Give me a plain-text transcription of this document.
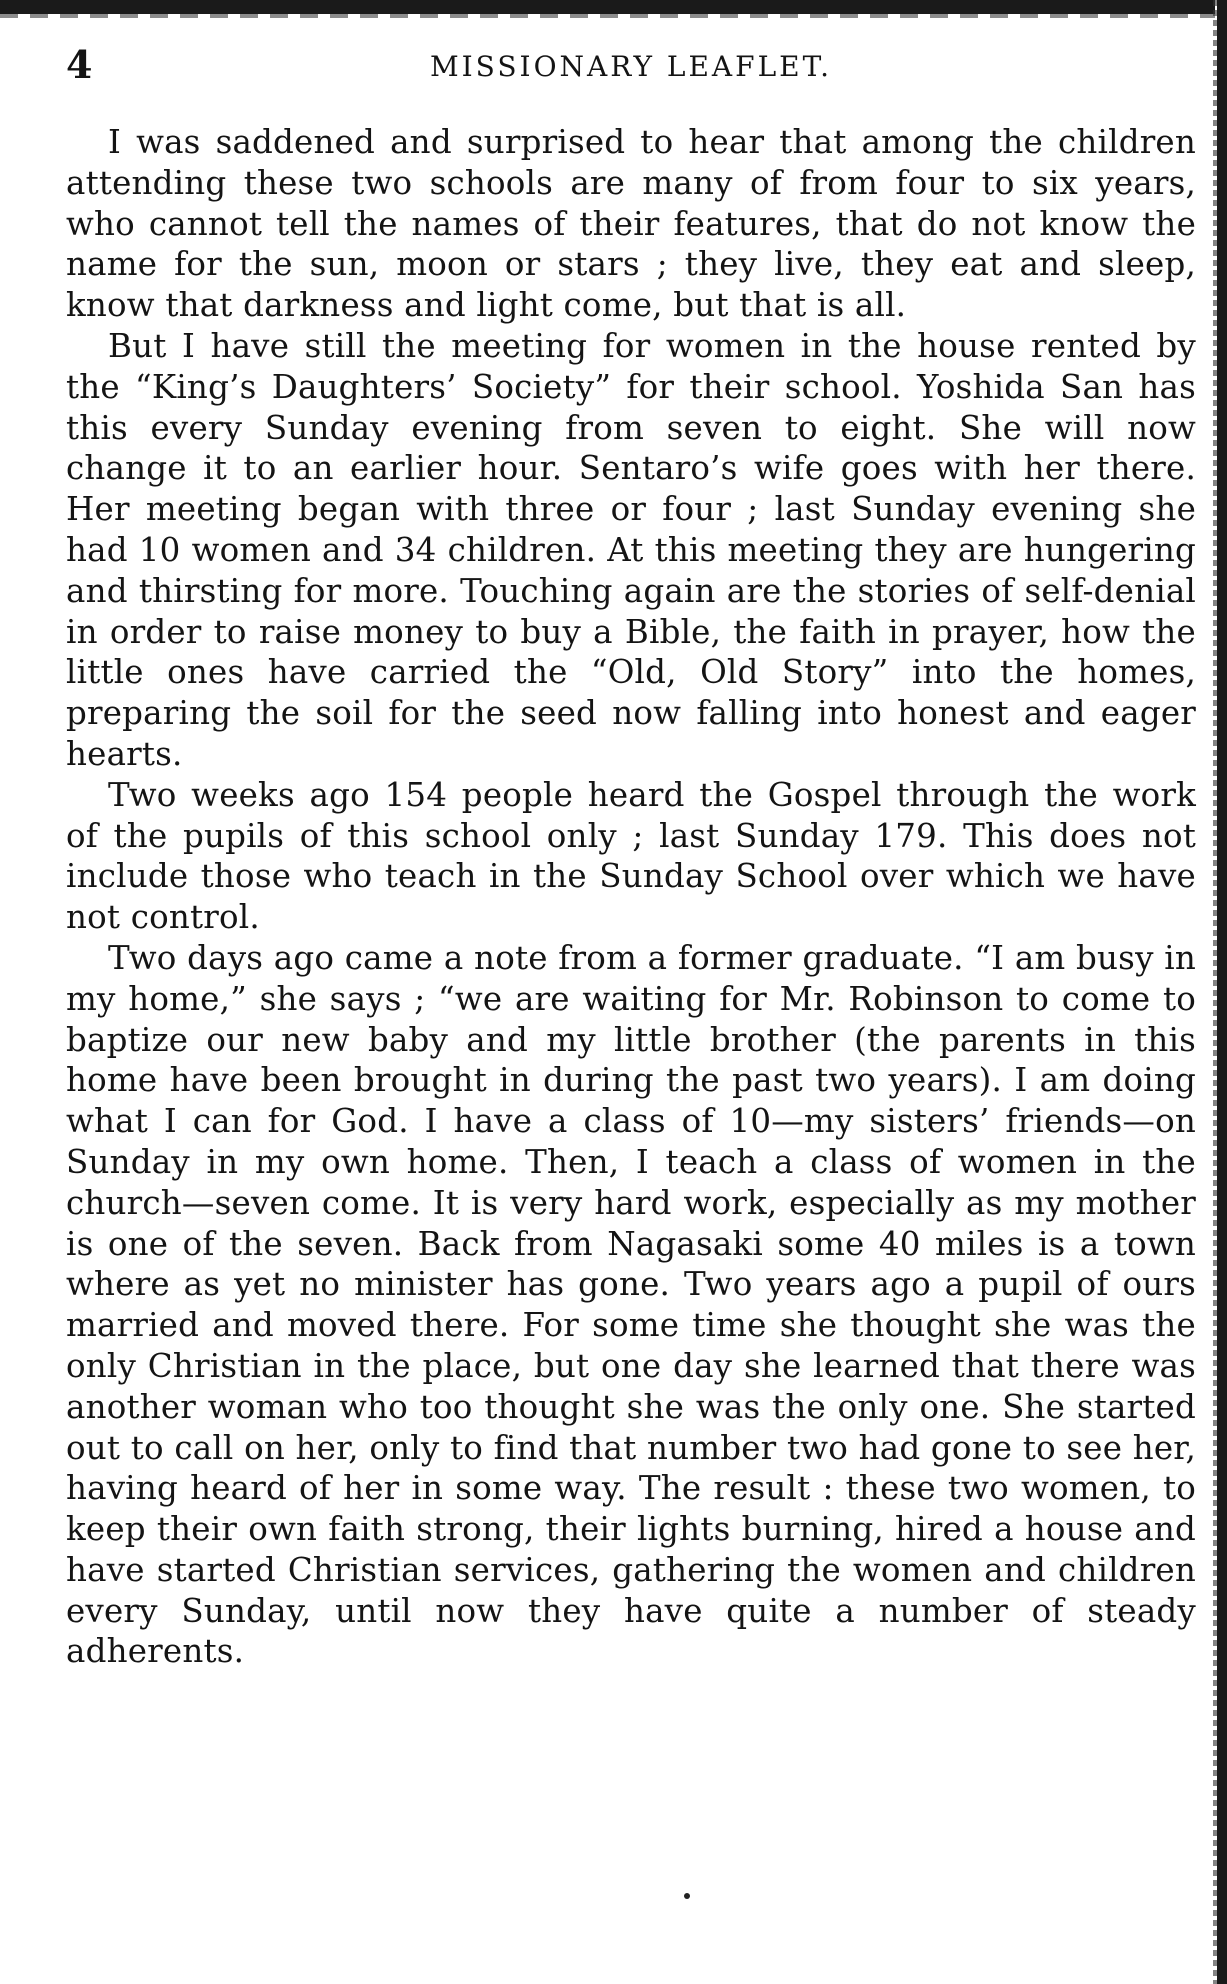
4	MISSIONARY LEAFLET.

I was saddened and surprised to hear that among the children attending these two schools are many of from four to six years, who cannot tell the names of their features, that do not know the name for the sun, moon or stars ; they live, they eat and sleep, know that darkness and light come, but that is all.

But I have still the meeting for women in the house rented by the “King’s Daughters’ Society” for their school. Yoshida San has this every Sunday evening from seven to eight. She will now change it to an earlier hour. Sentaro’s wife goes with her there. Her meeting began with three or four ; last Sunday evening she had 10 women and 34 children. At this meeting they are hungering and thirsting for more. Touching again are the stories of self-denial in order to raise money to buy a Bible, the faith in prayer, how the little ones have carried the “Old, Old Story” into the homes, preparing the soil for the seed now falling into honest and eager hearts.

Two weeks ago 154 people heard the Gospel through the work of the pupils of this school only ; last Sunday 179. This does not include those who teach in the Sunday School over which we have not control.

Two days ago came a note from a former graduate. “I am busy in my home,” she says ; “we are waiting for Mr. Robinson to come to baptize our new baby and my little brother (the parents in this home have been brought in during the past two years). I am doing what I can for God. I have a class of 10—my sisters’ friends—on Sunday in my own home. Then, I teach a class of women in the church—seven come. It is very hard work, especially as my mother is one of the seven. Back from Nagasaki some 40 miles is a town where as yet no minister has gone. Two years ago a pupil of ours married and moved there. For some time she thought she was the only Christian in the place, but one day she learned that there was another woman who too thought she was the only one. She started out to call on her, only to find that number two had gone to see her, having heard of her in some way. The result : these two women, to keep their own faith strong, their lights burning, hired a house and have started Christian services, gathering the women and children every Sunday, until now they have quite a number of steady adherents.
